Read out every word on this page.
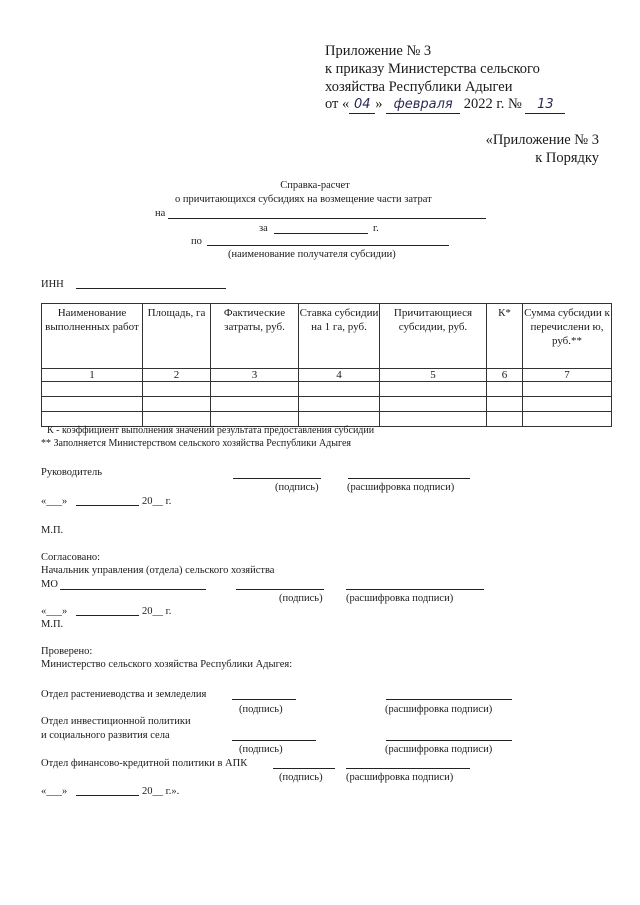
Приложение № 3
к приказу Министерства сельского
хозяйства Республики Адыгеи
от « 04 » февраля 2022 г. № 13
«Приложение № 3
к Порядку
Справка-расчет
о причитающихся субсидиях на возмещение части затрат
на
за	г.
по
(наименование получателя субсидии)
ИНН
Наименование выполненных работ	Площадь, га	Фактические затраты, руб.	Ставка субсидии на 1 га, руб.	Причитающиеся субсидии, руб.	К*	Сумма субсидии к перечислени ю, руб.**
1	2	3	4	5	6	7

К - коэффициент выполнения значений результата предоставления субсидии
** Заполняется Министерством сельского хозяйства Республики Адыгея
Руководитель
(подпись)	(расшифровка подписи)
«___»	20__ г.
М.П.
Согласовано:
Начальник управления (отдела) сельского хозяйства
МО
(подпись) (расшифровка подписи)
«___»	20__ г.
М.П.
Проверено:
Министерство сельского хозяйства Республики Адыгея:
Отдел растениеводства и земледелия
(подпись)	(расшифровка подписи)
Отдел инвестиционной политики
и социального развития села
(подпись)	(расшифровка подписи)
Отдел финансово-кредитной политики в АПК
(подпись) (расшифровка подписи)
«___»	20__ г.».
